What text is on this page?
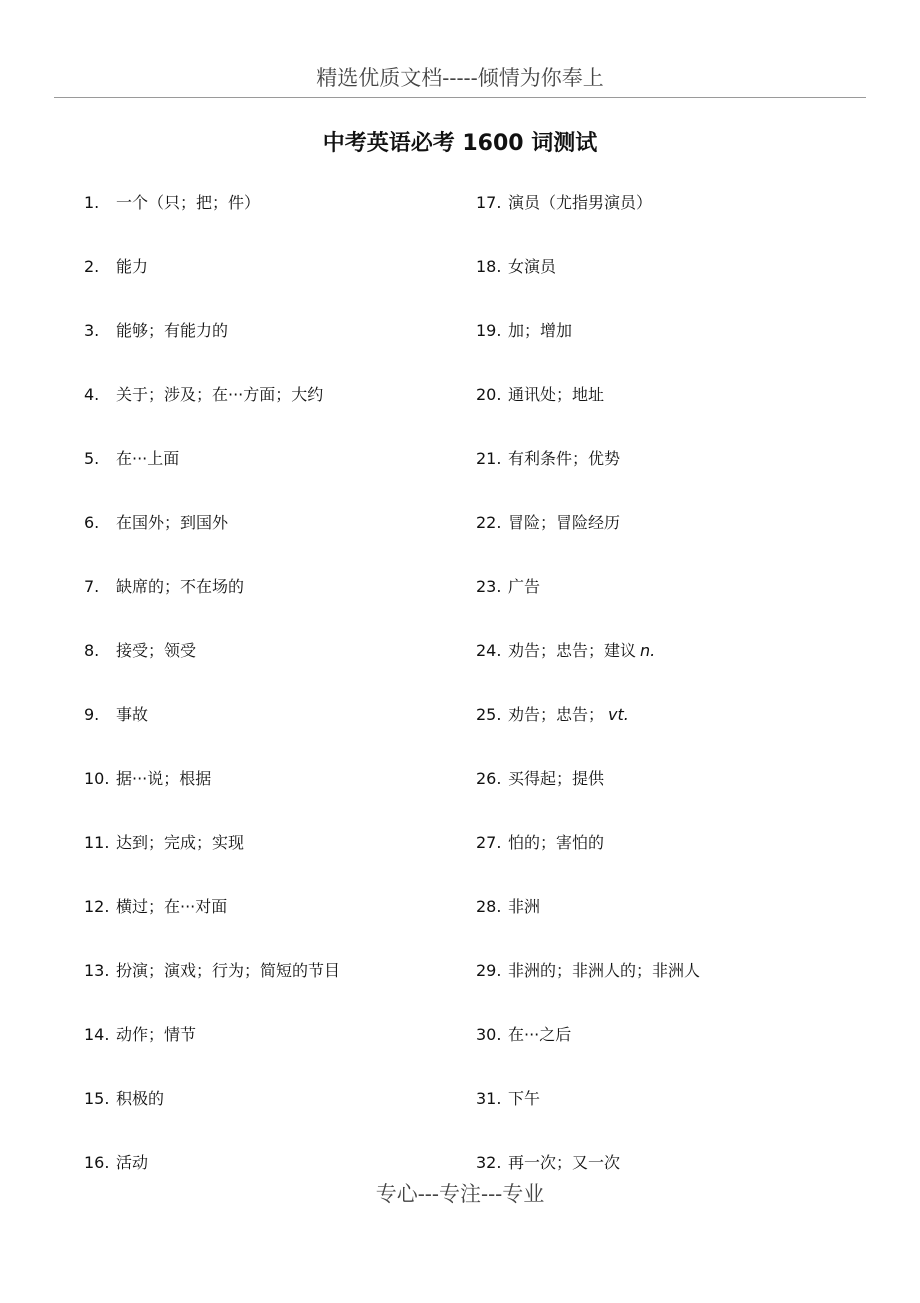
精选优质文档-----倾情为你奉上
中考英语必考 1600 词测试
1. 一个（只；把；件）
2. 能力
3. 能够；有能力的
4. 关于；涉及；在···方面；大约
5. 在···上面
6. 在国外；到国外
7. 缺席的；不在场的
8. 接受；领受
9. 事故
10. 据···说；根据
11. 达到；完成；实现
12. 横过；在···对面
13. 扮演；演戏；行为；简短的节目
14. 动作；情节
15. 积极的
16. 活动
17. 演员（尤指男演员）
18. 女演员
19. 加；增加
20. 通讯处；地址
21. 有利条件；优势
22. 冒险；冒险经历
23. 广告
24. 劝告；忠告；建议 n.
25. 劝告；忠告； vt.
26. 买得起；提供
27. 怕的；害怕的
28. 非洲
29. 非洲的；非洲人的；非洲人
30. 在···之后
31. 下午
32. 再一次；又一次
专心---专注---专业
